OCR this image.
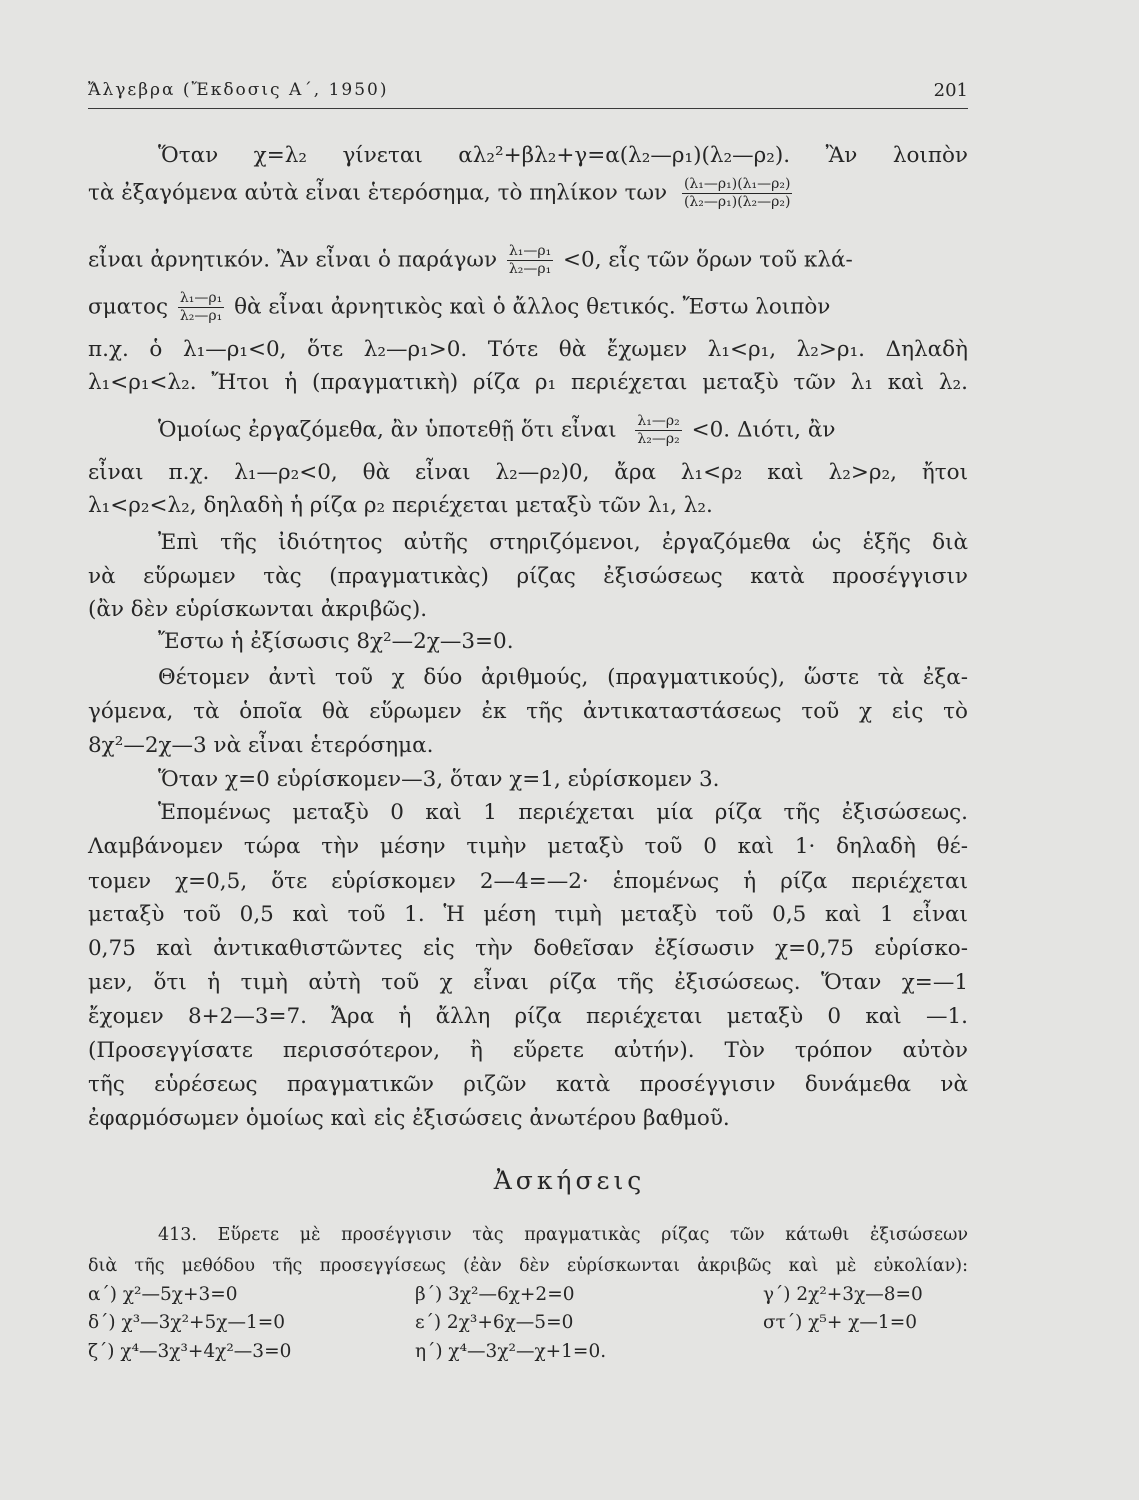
Ἄλγεβρα (Ἔκδοσις Α΄, 1950)	201
Ὅταν χ=λ₂ γίνεται αλ₂²+βλ₂+γ=α(λ₂—ρ₁)(λ₂—ρ₂). Ἂν λοιπὸν
τὰ ἐξαγόμενα αὐτὰ εἶναι ἑτερόσημα, τὸ πηλίκον των $\frac{\text{(λ₁—ρ₁)(λ₁—ρ₂)}}{\text{(λ₂—ρ₁)(λ₂—ρ₂)}}$
εἶναι ἀρνητικόν. Ἂν εἶναι ὁ παράγων $\frac{\text{λ₁—ρ₁}}{\text{λ₂—ρ₁}} <0$, εἷς τῶν ὅρων τοῦ κλά-
σματος $\frac{\text{λ₁—ρ₁}}{\text{λ₂—ρ₁}}$ θὰ εἶναι ἀρνητικὸς καὶ ὁ ἄλλος θετικός. Ἔστω λοιπὸν
π.χ. ὁ λ₁—ρ₁<0, ὅτε λ₂—ρ₁>0. Τότε θὰ ἔχωμεν λ₁<ρ₁, λ₂>ρ₁. Δηλαδὴ
λ₁<ρ₁<λ₂. Ἤτοι ἡ (πραγματικὴ) ρίζα ρ₁ περιέχεται μεταξὺ τῶν λ₁ καὶ λ₂.
Ὁμοίως ἐργαζόμεθα, ἂν ὑποτεθῇ ὅτι εἶναι $\frac{\text{λ₁—ρ₂}}{\text{λ₂—ρ₂}} <0$. Διότι, ἂν
εἶναι π.χ. λ₁—ρ₂<0, θὰ εἶναι λ₂—ρ₂)0, ἄρα λ₁<ρ₂ καὶ λ₂>ρ₂, ἤτοι
λ₁<ρ₂<λ₂, δηλαδὴ ἡ ρίζα ρ₂ περιέχεται μεταξὺ τῶν λ₁, λ₂.
Ἐπὶ τῆς ἰδιότητος αὐτῆς στηριζόμενοι, ἐργαζόμεθα ὡς ἑξῆς διὰ
νὰ εὕρωμεν τὰς (πραγματικὰς) ρίζας ἐξισώσεως κατὰ προσέγγισιν
(ἂν δὲν εὑρίσκωνται ἀκριβῶς).
Ἔστω ἡ ἐξίσωσις 8χ²—2χ—3=0.
Θέτομεν ἀντὶ τοῦ χ δύο ἀριθμούς, (πραγματικούς), ὥστε τὰ ἐξα-
γόμενα, τὰ ὁποῖα θὰ εὕρωμεν ἐκ τῆς ἀντικαταστάσεως τοῦ χ εἰς τὸ
8χ²—2χ—3 νὰ εἶναι ἑτερόσημα.
Ὅταν χ=0 εὑρίσκομεν—3, ὅταν χ=1, εὑρίσκομεν 3.
Ἑπομένως μεταξὺ 0 καὶ 1 περιέχεται μία ρίζα τῆς ἐξισώσεως.
Λαμβάνομεν τώρα τὴν μέσην τιμὴν μεταξὺ τοῦ 0 καὶ 1· δηλαδὴ θέ-
τομεν χ=0,5, ὅτε εὑρίσκομεν 2—4=—2· ἑπομένως ἡ ρίζα περιέχεται
μεταξὺ τοῦ 0,5 καὶ τοῦ 1. Ἡ μέση τιμὴ μεταξὺ τοῦ 0,5 καὶ 1 εἶναι
0,75 καὶ ἀντικαθιστῶντες εἰς τὴν δοθεῖσαν ἐξίσωσιν χ=0,75 εὑρίσκο-
μεν, ὅτι ἡ τιμὴ αὐτὴ τοῦ χ εἶναι ρίζα τῆς ἐξισώσεως. Ὅταν χ=—1
ἔχομεν 8+2—3=7. Ἄρα ἡ ἄλλη ρίζα περιέχεται μεταξὺ 0 καὶ —1.
(Προσεγγίσατε περισσότερον, ἢ εὕρετε αὐτήν). Τὸν τρόπον αὐτὸν
τῆς εὑρέσεως πραγματικῶν ριζῶν κατὰ προσέγγισιν δυνάμεθα νὰ
ἐφαρμόσωμεν ὁμοίως καὶ εἰς ἐξισώσεις ἀνωτέρου βαθμοῦ.
Ἀσκήσεις
413. Εὕρετε μὲ προσέγγισιν τὰς πραγματικὰς ρίζας τῶν κάτωθι ἐξισώσεων
διὰ τῆς μεθόδου τῆς προσεγγίσεως (ἐὰν δὲν εὑρίσκωνται ἀκριβῶς καὶ μὲ εὐκολίαν):
α΄) χ²—5χ+3=0	β΄) 3χ²—6χ+2=0	γ΄) 2χ²+3χ—8=0
δ΄) χ³—3χ²+5χ—1=0	ε΄) 2χ³+6χ—5=0	στ΄) χ⁵+ χ—1=0
ζ΄) χ⁴—3χ³+4χ²—3=0	η΄) χ⁴—3χ²—χ+1=0.
